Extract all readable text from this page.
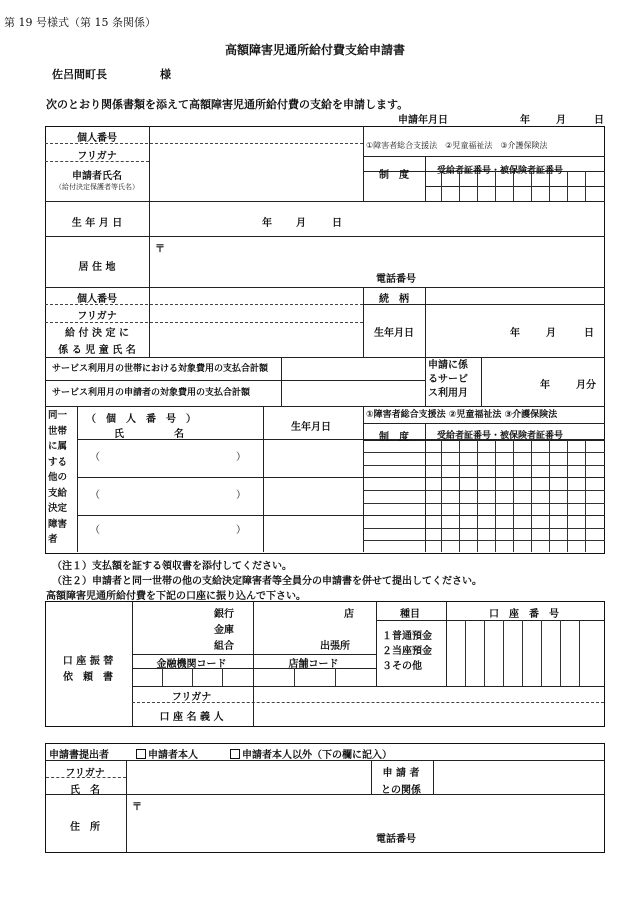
第 19 号様式（第 15 条関係）
高額障害児通所給付費支給申請書
佐呂間町長	様
次のとおり関係書類を添えて高額障害児通所給付費の支給を申請します。
申請年月日	年	月	日
個人番号
フリガナ
申請者氏名
（給付決定保護者等氏名）
生 年 月 日	年 月	日
居 住 地
〒
電話番号
①障害者総合支援法　②児童福祉法　③介護保険法
制　度	受給者証番号・被保険者証番号
個人番号	続　柄
フリガナ
給 付 決 定 に
係 る 児 童 氏 名
生年月日	年	月	日
サービス利用月の世帯における対象費用の支払合計額
サービス利用月の申請者の対象費用の支払合計額
申請に係
るサービ
ス利用月
年	月分
同一
世帯
に属
する
他の
支給
決定
障害
者
（　個　人　番　号　）
氏　　　　　名
生年月日
①障害者総合支援法 ②児童福祉法 ③介護保険法
制　度	受給者証番号・被保険者証番号
（	）
（	）
（	）
（注１）支払額を証する領収書を添付してください。
（注２）申請者と同一世帯の他の支給決定障害者等全員分の申請書を併せて提出してください。
高額障害児通所給付費を下記の口座に振り込んで下さい。
口 座 振 替
依　頼　書
銀行
金庫
組合
店
出張所
金融機関コード	店舗コード
種目	口　座　番　号
１普通預金
２当座預金
３その他
フリガナ
口 座 名 義 人
申請書提出者	申請者本人	申請者本人以外（下の欄に記入）
フリガナ
氏　名
申 請 者
との関係
住　所
〒
電話番号
